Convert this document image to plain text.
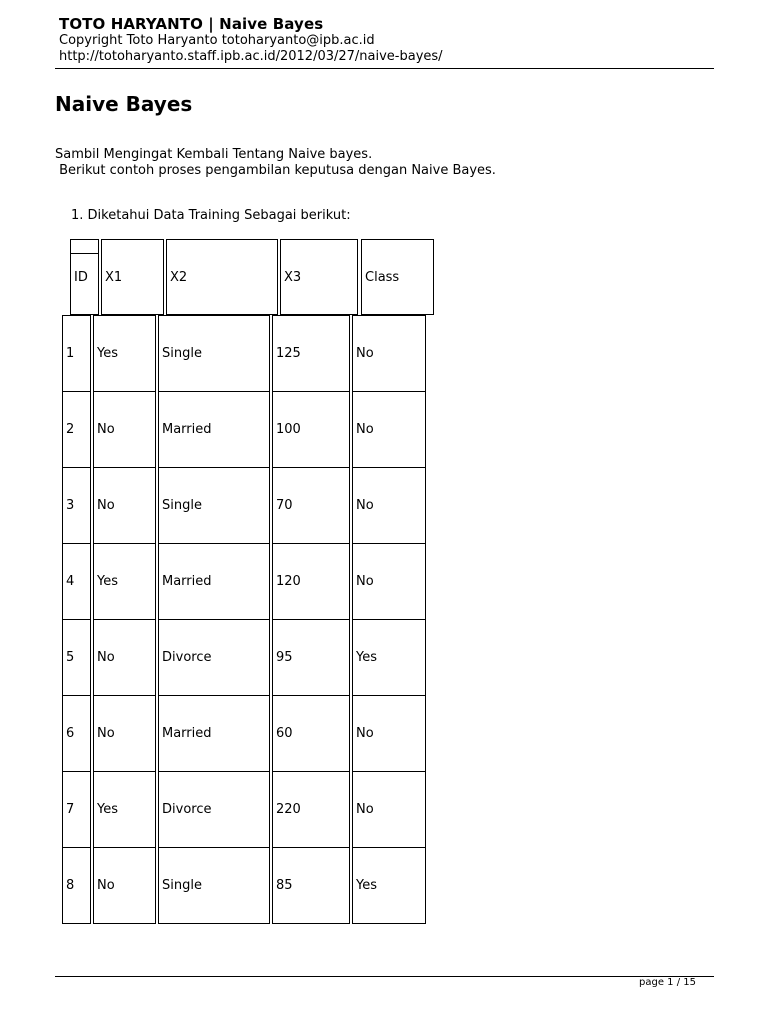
TOTO HARYANTO | Naive Bayes
Copyright Toto Haryanto totoharyanto@ipb.ac.id
http://totoharyanto.staff.ipb.ac.id/2012/03/27/naive-bayes/
Naive Bayes
Sambil Mengingat Kembali Tentang Naive bayes.
Berikut contoh proses pengambilan keputusa dengan Naive Bayes.
1. Diketahui Data Training Sebagai berikut:
ID X1	X2	X3	Class
1 Yes	Single	125	No
2 No	Married	100	No
3 No	Single	70	No
4 Yes	Married	120	No
5 No	Divorce	95	Yes
6 No	Married	60	No
7 Yes	Divorce	220	No
8 No	Single	85	Yes
page 1 / 15
